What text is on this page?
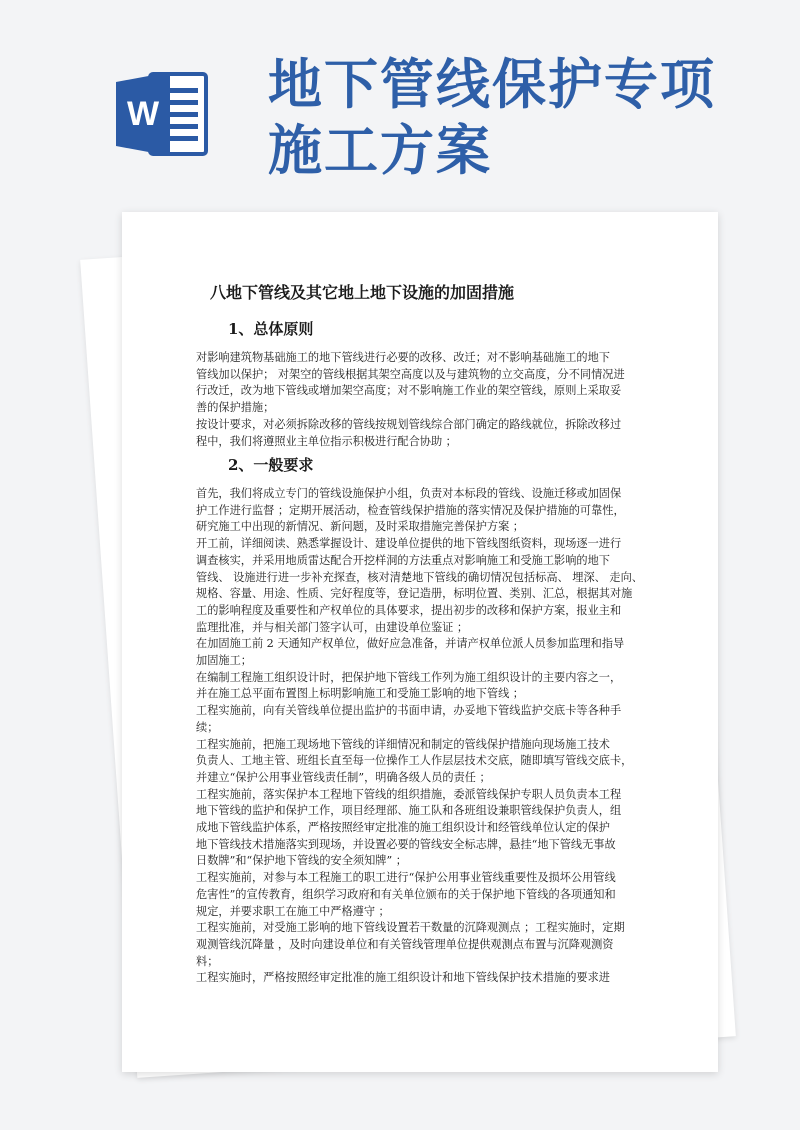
W 地下管线保护专项
施工方案
八地下管线及其它地上地下设施的加固措施
1、总体原则

对影响建筑物基础施工的地下管线进行必要的改移、改迁；对不影响基础施工的地下

管线加以保护； 对架空的管线根据其架空高度以及与建筑物的立交高度，分不同情况进

行改迁，改为地下管线或增加架空高度；对不影响施工作业的架空管线，原则上采取妥

善的保护措施；

按设计要求，对必须拆除改移的管线按规划管线综合部门确定的路线就位，拆除改移过

程中，我们将遵照业主单位指示积极进行配合协助 ；

2、一般要求

首先，我们将成立专门的管线设施保护小组，负责对本标段的管线、设施迁移或加固保

护工作进行监督 ；定期开展活动，检查管线保护措施的落实情况及保护措施的可靠性，

研究施工中出现的新情况、新问题，及时采取措施完善保护方案 ；

开工前，详细阅读、熟悉掌握设计、建设单位提供的地下管线图纸资料，现场逐一进行

调查核实，并采用地质雷达配合开挖样洞的方法重点对影响施工和受施工影响的地下

管线、 设施进行进一步补充探查，核对清楚地下管线的确切情况包括标高、 埋深、 走向、

规格、容量、用途、性质、完好程度等，登记造册，标明位置、类别、汇总，根据其对施

工的影响程度及重要性和产权单位的具体要求，提出初步的改移和保护方案，报业主和

监理批准，并与相关部门签字认可，由建设单位鉴证 ；

在加固施工前 2 天通知产权单位，做好应急准备，并请产权单位派人员参加监理和指导

加固施工；

在编制工程施工组织设计时，把保护地下管线工作列为施工组织设计的主要内容之一，

并在施工总平面布置图上标明影响施工和受施工影响的地下管线 ；

工程实施前，向有关管线单位提出监护的书面申请，办妥地下管线监护交底卡等各种手

续；

工程实施前，把施工现场地下管线的详细情况和制定的管线保护措施向现场施工技术

负责人、工地主管、班组长直至每一位操作工人作层层技术交底，随即填写管线交底卡，

并建立“保护公用事业管线责任制”，明确各级人员的责任 ；

工程实施前，落实保护本工程地下管线的组织措施，委派管线保护专职人员负责本工程

地下管线的监护和保护工作，项目经理部、施工队和各班组设兼职管线保护负责人，组

成地下管线监护体系，严格按照经审定批准的施工组织设计和经管线单位认定的保护

地下管线技术措施落实到现场，并设置必要的管线安全标志牌，悬挂“地下管线无事故

日数牌”和“保护地下管线的安全须知牌” ；

工程实施前，对参与本工程施工的职工进行“保护公用事业管线重要性及损坏公用管线

危害性”的宣传教育，组织学习政府和有关单位颁布的关于保护地下管线的各项通知和

规定，并要求职工在施工中严格遵守 ；

工程实施前，对受施工影响的地下管线设置若干数量的沉降观测点 ；工程实施时，定期

观测管线沉降量 ，及时向建设单位和有关管线管理单位提供观测点布置与沉降观测资

料；

工程实施时，严格按照经审定批准的施工组织设计和地下管线保护技术措施的要求进
